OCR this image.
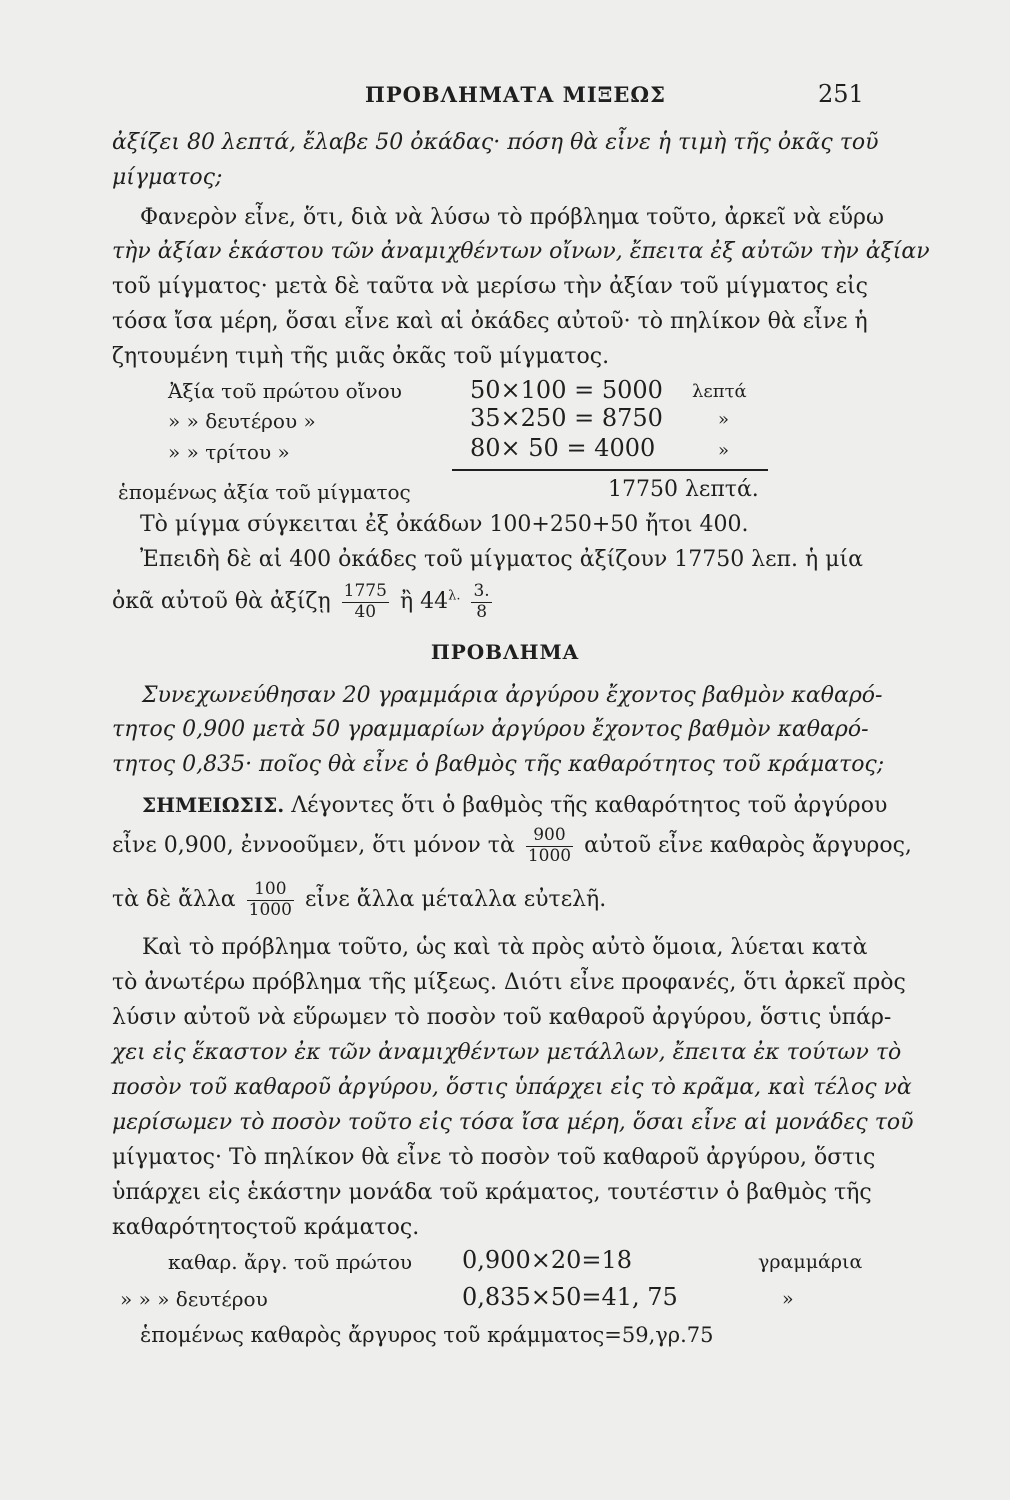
ΠΡΟΒΛΗΜΑΤΑ ΜΙΞΕΩΣ	251
ἀξίζει 80 λεπτά, ἔλαβε 50 ὀκάδας· πόση θὰ εἶνε ἡ τιμὴ τῆς ὀκᾶς τοῦ
μίγματος;
Φανερὸν εἶνε, ὅτι, διὰ νὰ λύσω τὸ πρόβλημα τοῦτο, ἀρκεῖ νὰ εὕρω
τὴν ἀξίαν ἑκάστου τῶν ἀναμιχθέντων οἴνων, ἔπειτα ἐξ αὐτῶν τὴν ἀξίαν
τοῦ μίγματος· μετὰ δὲ ταῦτα νὰ μερίσω τὴν ἀξίαν τοῦ μίγματος εἰς
τόσα ἴσα μέρη, ὅσαι εἶνε καὶ αἱ ὀκάδες αὐτοῦ· τὸ πηλίκον θὰ εἶνε ἡ
ζητουμένη τιμὴ τῆς μιᾶς ὀκᾶς τοῦ μίγματος.
Ἀξία τοῦ πρώτου οἴνου	50×100 = 5000 λεπτά
» » δευτέρου »	35×250 = 8750	»
» » τρίτου »	80× 50 = 4000	»
ἑπομένως ἀξία τοῦ μίγματος	17750 λεπτά.
Τὸ μίγμα σύγκειται ἐξ ὀκάδων 100+250+50 ἤτοι 400.
Ἐπειδὴ δὲ αἱ 400 ὀκάδες τοῦ μίγματος ἀξίζουν 17750 λεπ. ἡ μία
ὀκᾶ αὐτοῦ θὰ ἀξίζῃ $\frac{1775}{40}$ ἢ $44^{\lambda.} \frac{3.}{8}$
ΠΡΟΒΛΗΜΑ
Συνεχωνεύθησαν 20 γραμμάρια ἀργύρου ἔχοντος βαθμὸν καθαρό-
τητος 0,900 μετὰ 50 γραμμαρίων ἀργύρου ἔχοντος βαθμὸν καθαρό-
τητος 0,835· ποῖος θὰ εἶνε ὁ βαθμὸς τῆς καθαρότητος τοῦ κράματος;
ΣΗΜΕΙΩΣΙΣ. Λέγοντες ὅτι ὁ βαθμὸς τῆς καθαρότητος τοῦ ἀργύρου
εἶνε 0,900, ἐννοοῦμεν, ὅτι μόνον τὰ $\frac{900}{1000}$ αὐτοῦ εἶνε καθαρὸς ἄργυρος,
τὰ δὲ ἄλλα $\frac{100}{1000}$ εἶνε ἄλλα μέταλλα εὐτελῆ.
Καὶ τὸ πρόβλημα τοῦτο, ὡς καὶ τὰ πρὸς αὐτὸ ὅμοια, λύεται κατὰ
τὸ ἀνωτέρω πρόβλημα τῆς μίξεως. Διότι εἶνε προφανές, ὅτι ἀρκεῖ πρὸς
λύσιν αὐτοῦ νὰ εὕρωμεν τὸ ποσὸν τοῦ καθαροῦ ἀργύρου, ὅστις ὑπάρ-
χει εἰς ἕκαστον ἐκ τῶν ἀναμιχθέντων μετάλλων, ἔπειτα ἐκ τούτων τὸ
ποσὸν τοῦ καθαροῦ ἀργύρου, ὅστις ὑπάρχει εἰς τὸ κρᾶμα, καὶ τέλος νὰ
μερίσωμεν τὸ ποσὸν τοῦτο εἰς τόσα ἴσα μέρη, ὅσαι εἶνε αἱ μονάδες τοῦ
μίγματος· Τὸ πηλίκον θὰ εἶνε τὸ ποσὸν τοῦ καθαροῦ ἀργύρου, ὅστις
ὑπάρχει εἰς ἑκάστην μονάδα τοῦ κράματος, τουτέστιν ὁ βαθμὸς τῆς
καθαρότητοςτοῦ κράματος.
καθαρ. ἄργ. τοῦ πρώτου 0,900×20=18	γραμμάρια
» » » δευτέρου	0,835×50=41, 75	»
ἑπομένως καθαρὸς ἄργυρος τοῦ κράμματος=59,γρ.75
